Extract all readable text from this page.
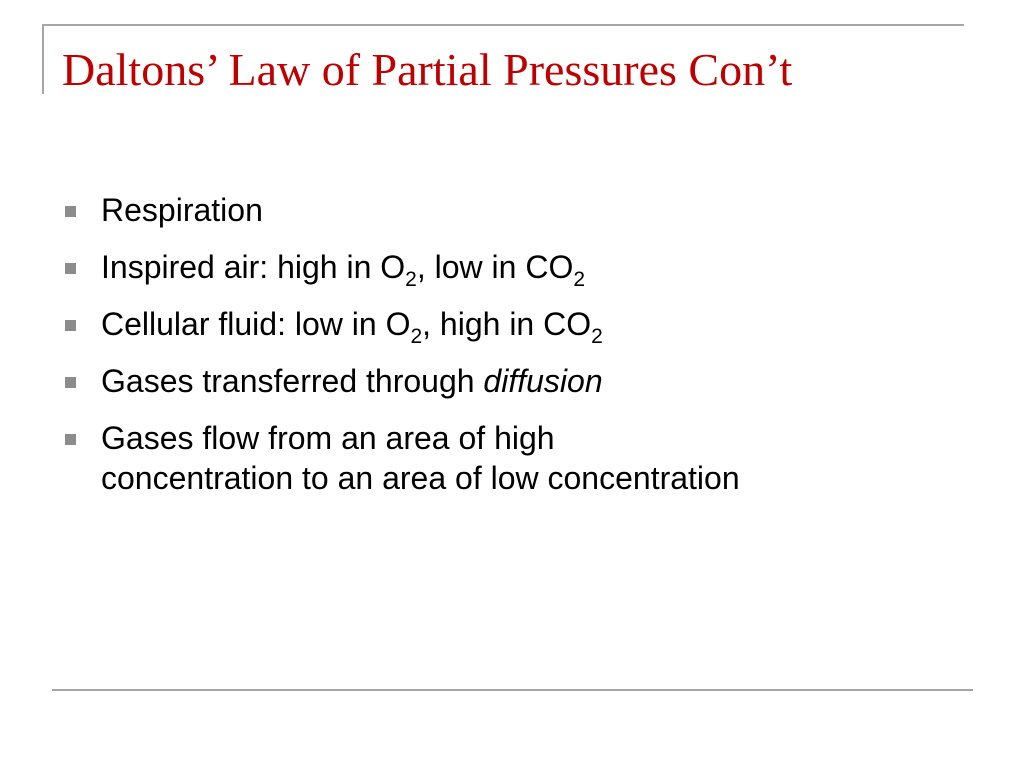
Daltons’ Law of Partial Pressures Con’t
Respiration
Inspired air: high in $O_2$, low in $CO_2$
Cellular fluid: low in $O_2$, high in $CO_2$
Gases transferred through diffusion
Gases flow from an area of high
concentration to an area of low concentration
